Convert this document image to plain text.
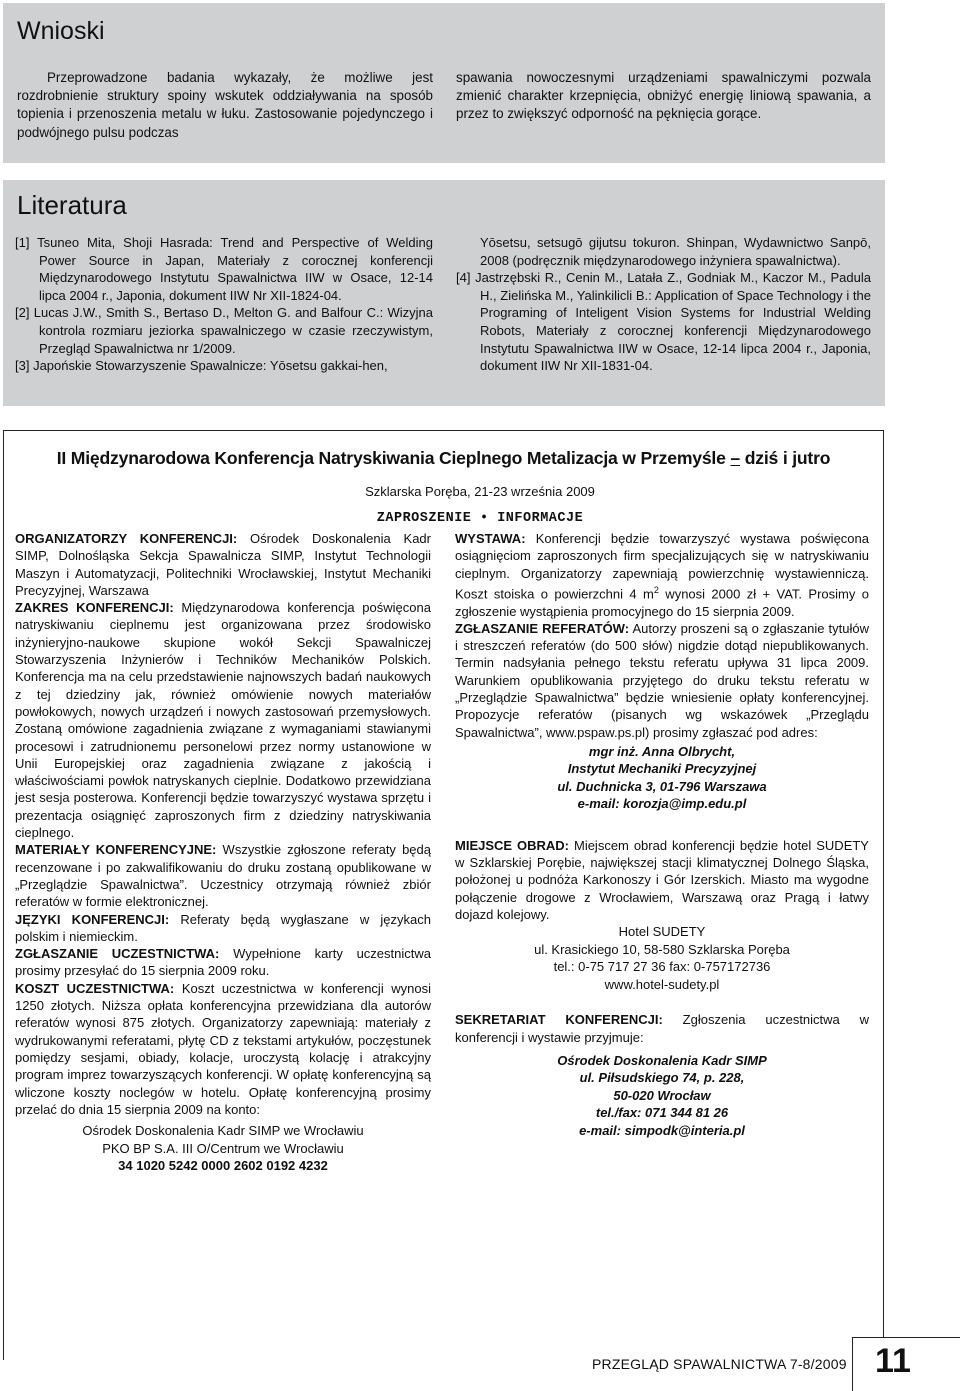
Wnioski

Przeprowadzone badania wykazały, że możliwe jest rozdrobnienie struktury spoiny wskutek oddziaływania na sposób topienia i przenoszenia metalu w łuku. Zastosowanie pojedynczego i podwójnego pulsu podczas

spawania nowoczesnymi urządzeniami spawalniczymi pozwala zmienić charakter krzepnięcia, obniżyć energię liniową spawania, a przez to zwiększyć odporność na pęknięcia gorące.

Literatura

[1] Tsuneo Mita, Shoji Hasrada: Trend and Perspective of Welding Power Source in Japan, Materiały z corocznej konferencji Międzynarodowego Instytutu Spawalnictwa IIW w Osace, 12-14 lipca 2004 r., Japonia, dokument IIW Nr XII-1824-04.

[2] Lucas J.W., Smith S., Bertaso D., Melton G. and Balfour C.: Wizyjna kontrola rozmiaru jeziorka spawalniczego w czasie rzeczywistym, Przegląd Spawalnictwa nr 1/2009.

[3] Japońskie Stowarzyszenie Spawalnicze: Yōsetsu gakkai-hen,

Yōsetsu, setsugō gijutsu tokuron. Shinpan, Wydawnictwo Sanpō, 2008 (podręcznik międzynarodowego inżyniera spawalnictwa).

[4] Jastrzębski R., Cenin M., Latała Z., Godniak M., Kaczor M., Padula H., Zielińska M., Yalinkilicli B.: Application of Space Technology i the Programing of Inteligent Vision Systems for Industrial Welding Robots, Materiały z corocznej konferencji Międzynarodowego Instytutu Spawalnictwa IIW w Osace, 12-14 lipca 2004 r., Japonia, dokument IIW Nr XII-1831-04.

II Międzynarodowa Konferencja Natryskiwania Cieplnego Metalizacja w Przemyśle – dziś i jutro
Szklarska Poręba, 21-23 września 2009
ZAPROSZENIE • INFORMACJE

ORGANIZATORZY KONFERENCJI: Ośrodek Doskonalenia Kadr SIMP, Dolnośląska Sekcja Spawalnicza SIMP, Instytut Technologii Maszyn i Automatyzacji, Politechniki Wrocławskiej, Instytut Mechaniki Precyzyjnej, Warszawa

ZAKRES KONFERENCJI: Międzynarodowa konferencja poświęcona natryskiwaniu cieplnemu jest organizowana przez środowisko inżynieryjno-naukowe skupione wokół Sekcji Spawalniczej Stowarzyszenia Inżynierów i Techników Mechaników Polskich. Konferencja ma na celu przedstawienie najnowszych badań naukowych z tej dziedziny jak, również omówienie nowych materiałów powłokowych, nowych urządzeń i nowych zastosowań przemysłowych. Zostaną omówione zagadnienia związane z wymaganiami stawianymi procesowi i zatrudnionemu personelowi przez normy ustanowione w Unii Europejskiej oraz zagadnienia związane z jakością i właściwościami powłok natryskanych cieplnie. Dodatkowo przewidziana jest sesja posterowa. Konferencji będzie towarzyszyć wystawa sprzętu i prezentacja osiągnięć zaproszonych firm z dziedziny natryskiwania cieplnego.

MATERIAŁY KONFERENCYJNE: Wszystkie zgłoszone referaty będą recenzowane i po zakwalifikowaniu do druku zostaną opublikowane w „Przeglądzie Spawalnictwa”. Uczestnicy otrzymają również zbiór referatów w formie elektronicznej.

JĘZYKI KONFERENCJI: Referaty będą wygłaszane w językach polskim i niemieckim.

ZGŁASZANIE UCZESTNICTWA: Wypełnione karty uczestnictwa prosimy przesyłać do 15 sierpnia 2009 roku.

KOSZT UCZESTNICTWA: Koszt uczestnictwa w konferencji wynosi 1250 złotych. Niższa opłata konferencyjna przewidziana dla autorów referatów wynosi 875 złotych. Organizatorzy zapewniają: materiały z wydrukowanymi referatami, płytę CD z tekstami artykułów, poczęstunek pomiędzy sesjami, obiady, kolacje, uroczystą kolację i atrakcyjny program imprez towarzyszących konferencji. W opłatę konferencyjną są wliczone koszty noclegów w hotelu. Opłatę konferencyjną prosimy przelać do dnia 15 sierpnia 2009 na konto:

Ośrodek Doskonalenia Kadr SIMP we Wrocławiu

PKO BP S.A. III O/Centrum we Wrocławiu

34 1020 5242 0000 2602 0192 4232

WYSTAWA: Konferencji będzie towarzyszyć wystawa poświęcona osiągnięciom zaproszonych firm specjalizujących się w natryskiwaniu cieplnym. Organizatorzy zapewniają powierzchnię wystawienniczą. Koszt stoiska o powierzchni 4 $m^2$ wynosi 2000 zł + VAT. Prosimy o zgłoszenie wystąpienia promocyjnego do 15 sierpnia 2009.

ZGŁASZANIE REFERATÓW: Autorzy proszeni są o zgłaszanie tytułów i streszczeń referatów (do 500 słów) nigdzie dotąd niepublikowanych. Termin nadsyłania pełnego tekstu referatu upływa 31 lipca 2009. Warunkiem opublikowania przyjętego do druku tekstu referatu w „Przeglądzie Spawalnictwa” będzie wniesienie opłaty konferencyjnej. Propozycje referatów (pisanych wg wskazówek „Przeglądu Spawalnictwa”, www.pspaw.ps.pl) prosimy zgłaszać pod adres:

mgr inż. Anna Olbrycht,

Instytut Mechaniki Precyzyjnej

ul. Duchnicka 3, 01-796 Warszawa

e-mail: korozja@imp.edu.pl

MIEJSCE OBRAD: Miejscem obrad konferencji będzie hotel SUDETY w Szklarskiej Porębie, największej stacji klimatycznej Dolnego Śląska, położonej u podnóża Karkonoszy i Gór Izerskich. Miasto ma wygodne połączenie drogowe z Wrocławiem, Warszawą oraz Pragą i łatwy dojazd kolejowy.

Hotel SUDETY

ul. Krasickiego 10, 58-580 Szklarska Poręba

tel.: 0-75 717 27 36 fax: 0-757172736

www.hotel-sudety.pl

SEKRETARIAT KONFERENCJI: Zgłoszenia uczestnictwa w konferencji i wystawie przyjmuje:

Ośrodek Doskonalenia Kadr SIMP

ul. Piłsudskiego 74, p. 228,

50-020 Wrocław

tel./fax: 071 344 81 26

e-mail: simpodk@interia.pl

PRZEGLĄD SPAWALNICTWA 7-8/2009 11
